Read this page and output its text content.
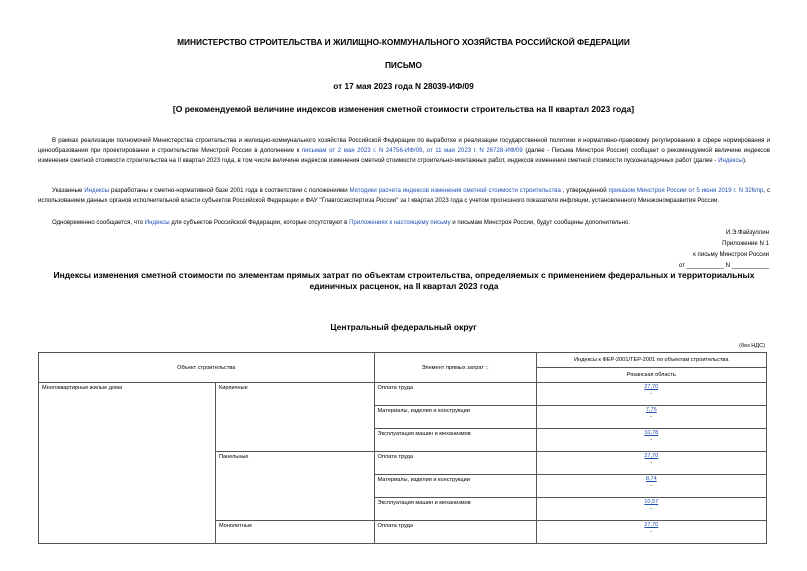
МИНИСТЕРСТВО СТРОИТЕЛЬСТВА И ЖИЛИЩНО-КОММУНАЛЬНОГО ХОЗЯЙСТВА РОССИЙСКОЙ ФЕДЕРАЦИИ
ПИСЬМО
от 17 мая 2023 года N 28039-ИФ/09
[О рекомендуемой величине индексов изменения сметной стоимости строительства на II квартал 2023 года]
В рамках реализации полномочий Министерства строительства и жилищно-коммунального хозяйства Российской Федерации по выработке и реализации государственной политики и нормативно-правовому регулированию в сфере нормирования и ценообразования при проектировании и строительстве Минстрой России в дополнение к письмам от 2 мая 2023 г. N 24756-ИФ/09, от 11 мая 2023 г. N 26728-ИФ/09 (далее - Письма Минстроя России) сообщает о рекомендуемой величине индексов изменения сметной стоимости строительства на II квартал 2023 года, в том числе величине индексов изменения сметной стоимости строительно-монтажных работ, индексов изменения сметной стоимости пусконаладочных работ (далее - Индексы).
Указанные Индексы разработаны к сметно-нормативной базе 2001 года в соответствии с положениями Методики расчета индексов изменения сметной стоимости строительства , утвержденной приказом Минстроя России от 5 июня 2019 г. N 326/пр, с использованием данных органов исполнительной власти субъектов Российской Федерации и ФАУ "Главгосэкспертиза России" за I квартал 2023 года с учетом прогнозного показателя инфляции, установленного Минэкономразвития России.
Одновременно сообщается, что Индексы для субъектов Российской Федерации, которые отсутствуют в Приложениях к настоящему письму и письмам Минстроя России, будут сообщены дополнительно.
И.Э.Файзуллин
Приложение N 1
к письму Минстроя России
от ___________ N ___________
Индексы изменения сметной стоимости по элементам прямых затрат по объектам строительства, определяемых с применением федеральных и территориальных единичных расценок, на II квартал 2023 года
Центральный федеральный округ
(без НДС)
Объект строительства		Элемент прямых затрат ::	Индексы к ФЕР-2001/ТЕР-2001 по объектам строительства
			Рязанская область
Многоквартирные жилые дома	Кирпичные	Оплата труда	27,70
-

		Материалы, изделия и конструкции	7,75
-

		Эксплуатация машин и механизмов	10,78
-

	Панельные	Оплата труда	27,70
-

		Материалы, изделия и конструкции	8,74
-

		Эксплуатация машин и механизмов	10,57
-

	Монолитные	Оплата труда	27,70
-
